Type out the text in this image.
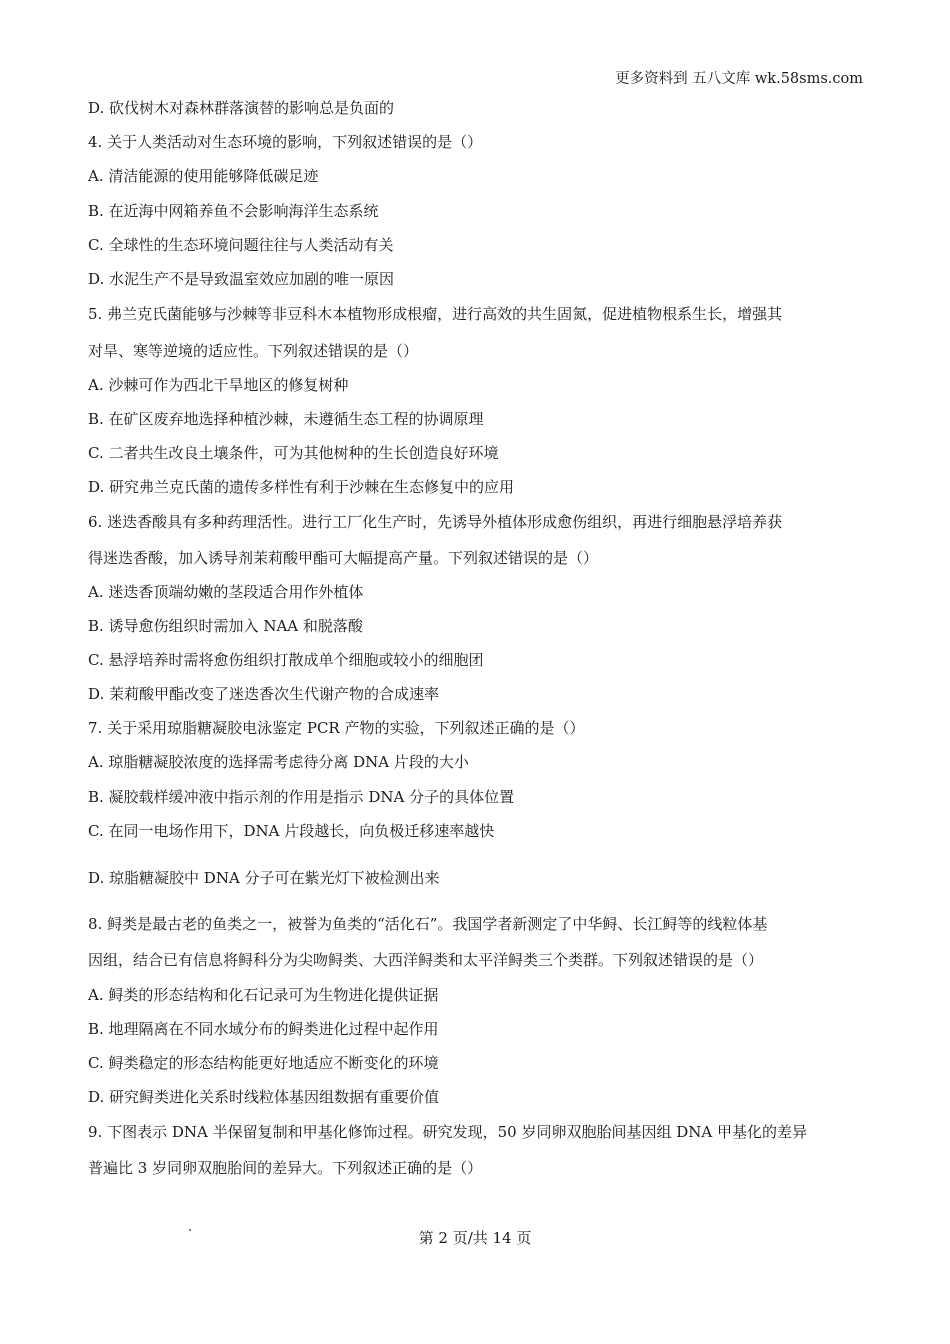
更多资料到 五八文库 wk.58sms.com
D. 砍伐树木对森林群落演替的影响总是负面的
4. 关于人类活动对生态环境的影响，下列叙述错误的是（）
A. 清洁能源的使用能够降低碳足迹
B. 在近海中网箱养鱼不会影响海洋生态系统
C. 全球性的生态环境问题往往与人类活动有关
D. 水泥生产不是导致温室效应加剧的唯一原因
5. 弗兰克氏菌能够与沙棘等非豆科木本植物形成根瘤，进行高效的共生固氮，促进植物根系生长，增强其
对旱、寒等逆境的适应性。下列叙述错误的是（）
A. 沙棘可作为西北干旱地区的修复树种
B. 在矿区废弃地选择种植沙棘，未遵循生态工程的协调原理
C. 二者共生改良土壤条件，可为其他树种的生长创造良好环境
D. 研究弗兰克氏菌的遗传多样性有利于沙棘在生态修复中的应用
6. 迷迭香酸具有多种药理活性。进行工厂化生产时，先诱导外植体形成愈伤组织，再进行细胞悬浮培养获
得迷迭香酸，加入诱导剂茉莉酸甲酯可大幅提高产量。下列叙述错误的是（）
A. 迷迭香顶端幼嫩的茎段适合用作外植体
B. 诱导愈伤组织时需加入 NAA 和脱落酸
C. 悬浮培养时需将愈伤组织打散成单个细胞或较小的细胞团
D. 茉莉酸甲酯改变了迷迭香次生代谢产物的合成速率
7. 关于采用琼脂糖凝胶电泳鉴定 PCR 产物的实验，下列叙述正确的是（）
A. 琼脂糖凝胶浓度的选择需考虑待分离 DNA 片段的大小
B. 凝胶载样缓冲液中指示剂的作用是指示 DNA 分子的具体位置
C. 在同一电场作用下，DNA 片段越长，向负极迁移速率越快
D. 琼脂糖凝胶中 DNA 分子可在紫光灯下被检测出来
8. 鲟类是最古老的鱼类之一，被誉为鱼类的“活化石”。我国学者新测定了中华鲟、长江鲟等的线粒体基
因组，结合已有信息将鲟科分为尖吻鲟类、大西洋鲟类和太平洋鲟类三个类群。下列叙述错误的是（）
A. 鲟类的形态结构和化石记录可为生物进化提供证据
B. 地理隔离在不同水域分布的鲟类进化过程中起作用
C. 鲟类稳定的形态结构能更好地适应不断变化的环境
D. 研究鲟类进化关系时线粒体基因组数据有重要价值
9. 下图表示 DNA 半保留复制和甲基化修饰过程。研究发现，50 岁同卵双胞胎间基因组 DNA 甲基化的差异
普遍比 3 岁同卵双胞胎间的差异大。下列叙述正确的是（）
第 2 页/共 14 页
